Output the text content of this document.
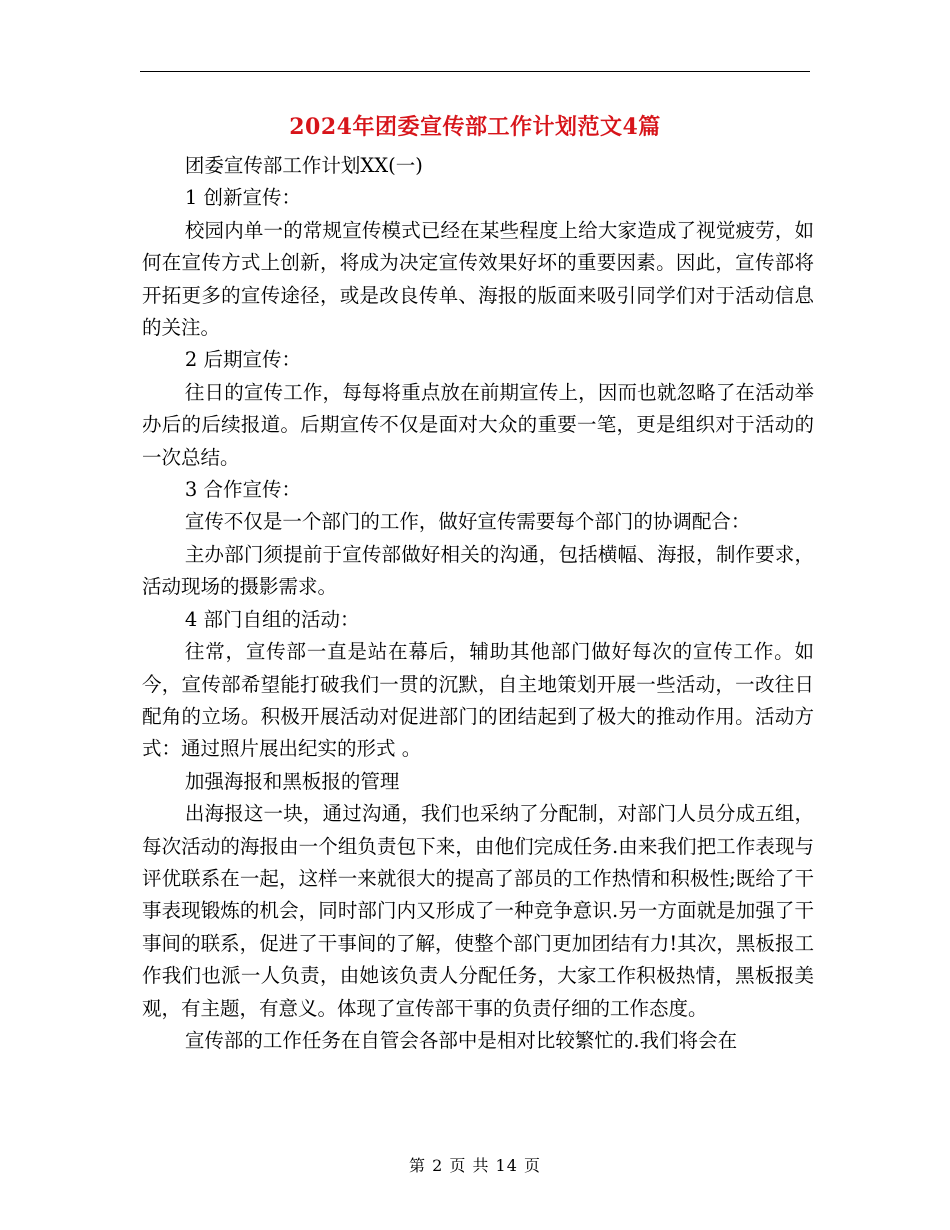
2024年团委宣传部工作计划范文4篇

团委宣传部工作计划XX(一)

1 创新宣传：

校园内单一的常规宣传模式已经在某些程度上给大家造成了视觉疲劳，如何在宣传方式上创新，将成为决定宣传效果好坏的重要因素。因此，宣传部将开拓更多的宣传途径，或是改良传单、海报的版面来吸引同学们对于活动信息的关注。

2 后期宣传：

往日的宣传工作，每每将重点放在前期宣传上，因而也就忽略了在活动举办后的后续报道。后期宣传不仅是面对大众的重要一笔，更是组织对于活动的一次总结。

3 合作宣传：

宣传不仅是一个部门的工作，做好宣传需要每个部门的协调配合：

主办部门须提前于宣传部做好相关的沟通，包括横幅、海报，制作要求，活动现场的摄影需求。

4 部门自组的活动：

往常，宣传部一直是站在幕后，辅助其他部门做好每次的宣传工作。如今，宣传部希望能打破我们一贯的沉默，自主地策划开展一些活动，一改往日配角的立场。积极开展活动对促进部门的团结起到了极大的推动作用。活动方式：通过照片展出纪实的形式 。

加强海报和黑板报的管理

出海报这一块，通过沟通，我们也采纳了分配制，对部门人员分成五组，每次活动的海报由一个组负责包下来，由他们完成任务.由来我们把工作表现与评优联系在一起，这样一来就很大的提高了部员的工作热情和积极性;既给了干事表现锻炼的机会，同时部门内又形成了一种竞争意识.另一方面就是加强了干事间的联系，促进了干事间的了解，使整个部门更加团结有力!其次，黑板报工作我们也派一人负责，由她该负责人分配任务，大家工作积极热情，黑板报美观，有主题，有意义。体现了宣传部干事的负责仔细的工作态度。

宣传部的工作任务在自管会各部中是相对比较繁忙的.我们将会在

第 2 页 共 14 页
